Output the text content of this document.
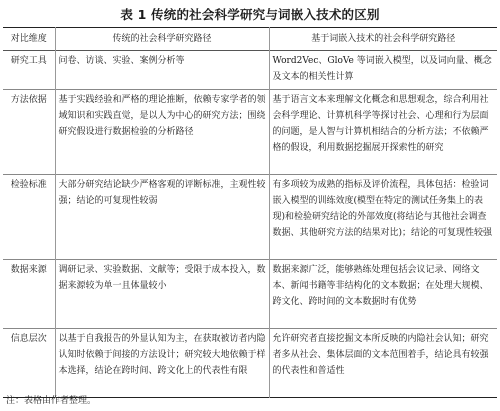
表 1 传统的社会科学研究与词嵌入技术的区别
对比维度	传统的社会科学研究路径	基于词嵌入技术的社会科学研究路径
研究工具	问卷、访谈、实验、案例分析等	Word2Vec、GloVe 等词嵌入模型，以及词向量、概念及文本的相关性计算
方法依据	基于实践经验和严格的理论推断，依赖专家学者的领域知识和实践直觉，是以人为中心的研究方法；围绕研究假设进行数据检验的分析路径	基于语言文本来理解文化概念和思想观念，综合利用社会科学理论、计算机科学等探讨社会、心理和行为层面的问题，是人智与计算机相结合的分析方法；不依赖严格的假设，利用数据挖掘展开探索性的研究
检验标准	大部分研究结论缺少严格客观的评断标准，主观性较强；结论的可复现性较弱	有多项较为成熟的指标及评价流程，具体包括：检验词嵌入模型的训练效度(模型在特定的测试任务集上的表现)和检验研究结论的外部效度(将结论与其他社会调查数据、其他研究方法的结果对比)；结论的可复现性较强
数据来源	调研记录、实验数据、文献等；受限于成本投入，数据来源较为单一且体量较小	数据来源广泛，能够熟练处理包括会议记录、网络文本、新闻书籍等非结构化的文本数据；在处理大规模、跨文化、跨时间的文本数据时有优势
信息层次	以基于自我报告的外显认知为主，在获取被访者内隐认知时依赖于间接的方法设计；研究较大地依赖于样本选择，结论在跨时间、跨文化上的代表性有限	允许研究者直接挖掘文本所反映的内隐社会认知；研究者多从社会、集体层面的文本范围着手，结论具有较强的代表性和普适性
注：表格由作者整理。
